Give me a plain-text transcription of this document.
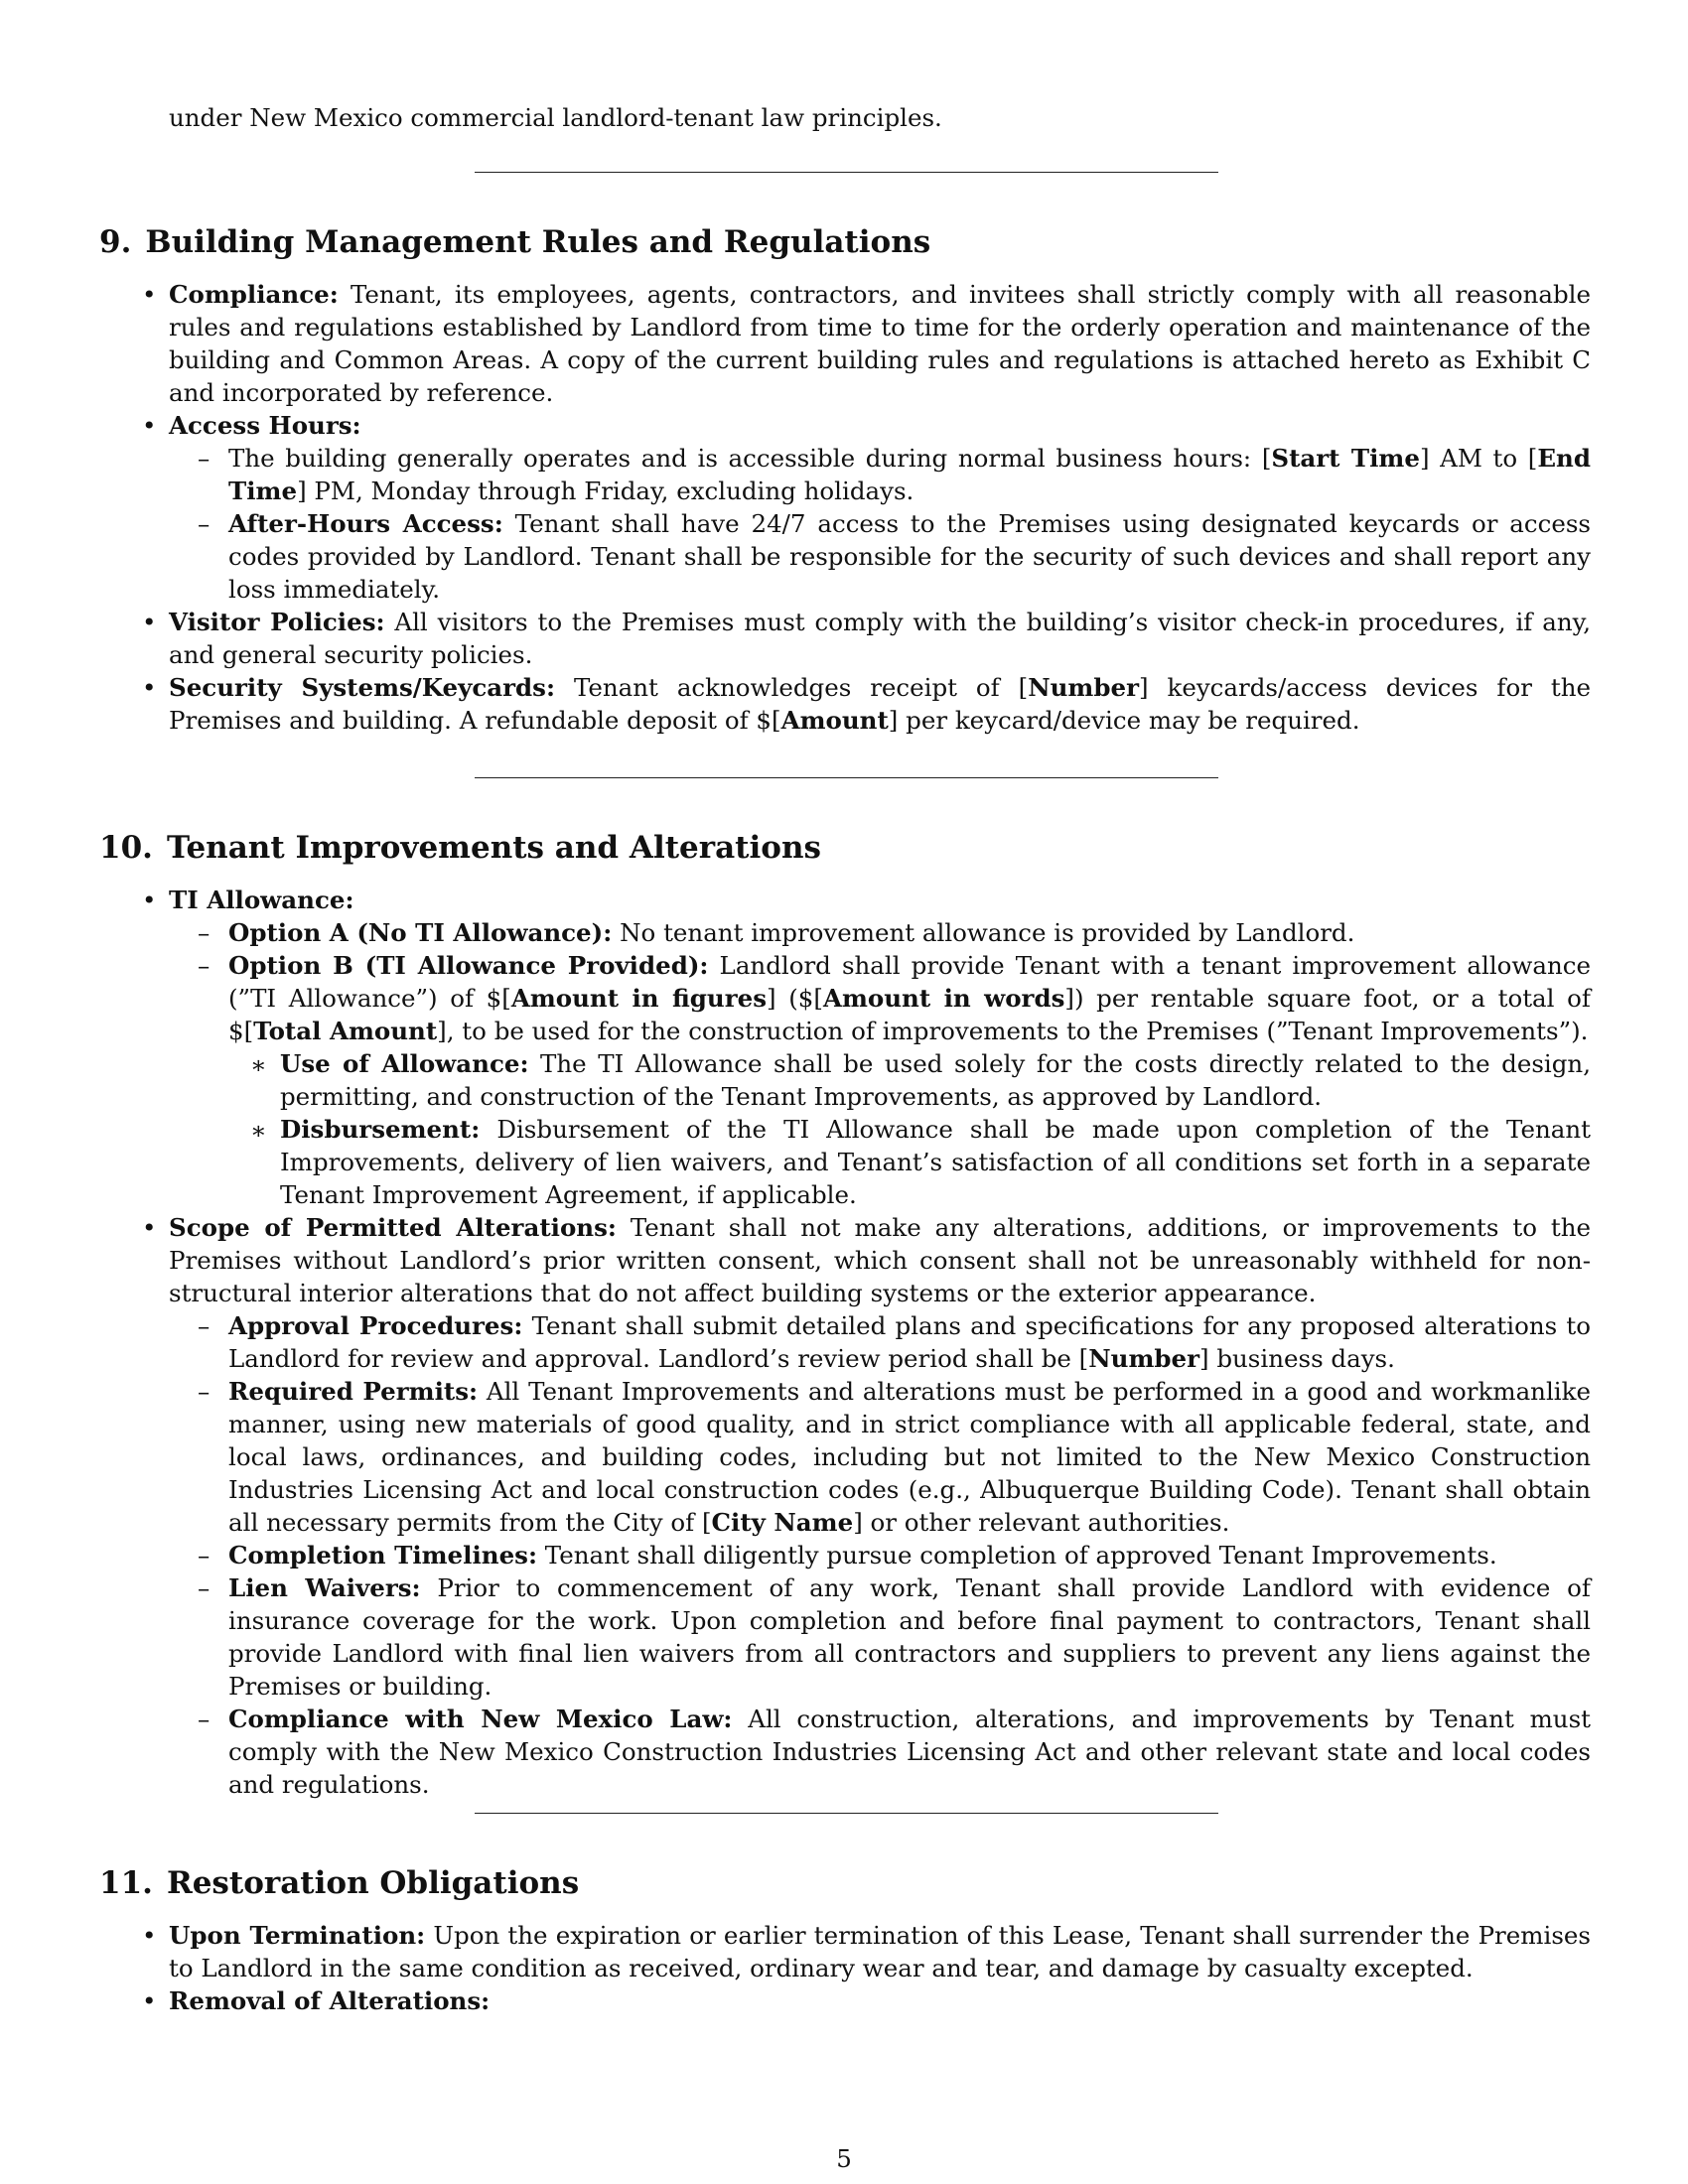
under New Mexico commercial landlord-tenant law principles.
9. Building Management Rules and Regulations
• Compliance: Tenant, its employees, agents, contractors, and invitees shall strictly comply with all reasonable rules and regulations established by Landlord from time to time for the orderly operation and maintenance of the building and Common Areas. A copy of the current building rules and regulations is attached hereto as Exhibit C and incorporated by reference.
• Access Hours:
– The building generally operates and is accessible during normal business hours: [Start Time] AM to [End Time] PM, Monday through Friday, excluding holidays.
– After-Hours Access: Tenant shall have 24/7 access to the Premises using designated keycards or access codes provided by Landlord. Tenant shall be responsible for the security of such devices and shall report any loss immediately.
• Visitor Policies: All visitors to the Premises must comply with the building’s visitor check-in procedures, if any, and general security policies.
• Security Systems/Keycards: Tenant acknowledges receipt of [Number] keycards/access devices for the Premises and building. A refundable deposit of $[Amount] per keycard/device may be required.
10. Tenant Improvements and Alterations
• TI Allowance:
– Option A (No TI Allowance): No tenant improvement allowance is provided by Landlord.
– Option B (TI Allowance Provided): Landlord shall provide Tenant with a tenant improvement allowance (”TI Allowance”) of $[Amount in figures] ($[Amount in words]) per rentable square foot, or a total of $[Total Amount], to be used for the construction of improvements to the Premises (”Tenant Improvements”).
∗ Use of Allowance: The TI Allowance shall be used solely for the costs directly related to the design, permitting, and construction of the Tenant Improvements, as approved by Landlord.
∗ Disbursement: Disbursement of the TI Allowance shall be made upon completion of the Tenant Improvements, delivery of lien waivers, and Tenant’s satisfaction of all conditions set forth in a separate Tenant Improvement Agreement, if applicable.
• Scope of Permitted Alterations: Tenant shall not make any alterations, additions, or improvements to the Premises without Landlord’s prior written consent, which consent shall not be unreasonably withheld for non-structural interior alterations that do not affect building systems or the exterior appearance.
– Approval Procedures: Tenant shall submit detailed plans and specifications for any proposed alterations to Landlord for review and approval. Landlord’s review period shall be [Number] business days.
– Required Permits: All Tenant Improvements and alterations must be performed in a good and workmanlike manner, using new materials of good quality, and in strict compliance with all applicable federal, state, and local laws, ordinances, and building codes, including but not limited to the New Mexico Construction Industries Licensing Act and local construction codes (e.g., Albuquerque Building Code). Tenant shall obtain all necessary permits from the City of [City Name] or other relevant authorities.
– Completion Timelines: Tenant shall diligently pursue completion of approved Tenant Improvements.
– Lien Waivers: Prior to commencement of any work, Tenant shall provide Landlord with evidence of insurance coverage for the work. Upon completion and before final payment to contractors, Tenant shall provide Landlord with final lien waivers from all contractors and suppliers to prevent any liens against the Premises or building.
– Compliance with New Mexico Law: All construction, alterations, and improvements by Tenant must comply with the New Mexico Construction Industries Licensing Act and other relevant state and local codes and regulations.
11. Restoration Obligations
• Upon Termination: Upon the expiration or earlier termination of this Lease, Tenant shall surrender the Premises to Landlord in the same condition as received, ordinary wear and tear, and damage by casualty excepted.
• Removal of Alterations:
5
